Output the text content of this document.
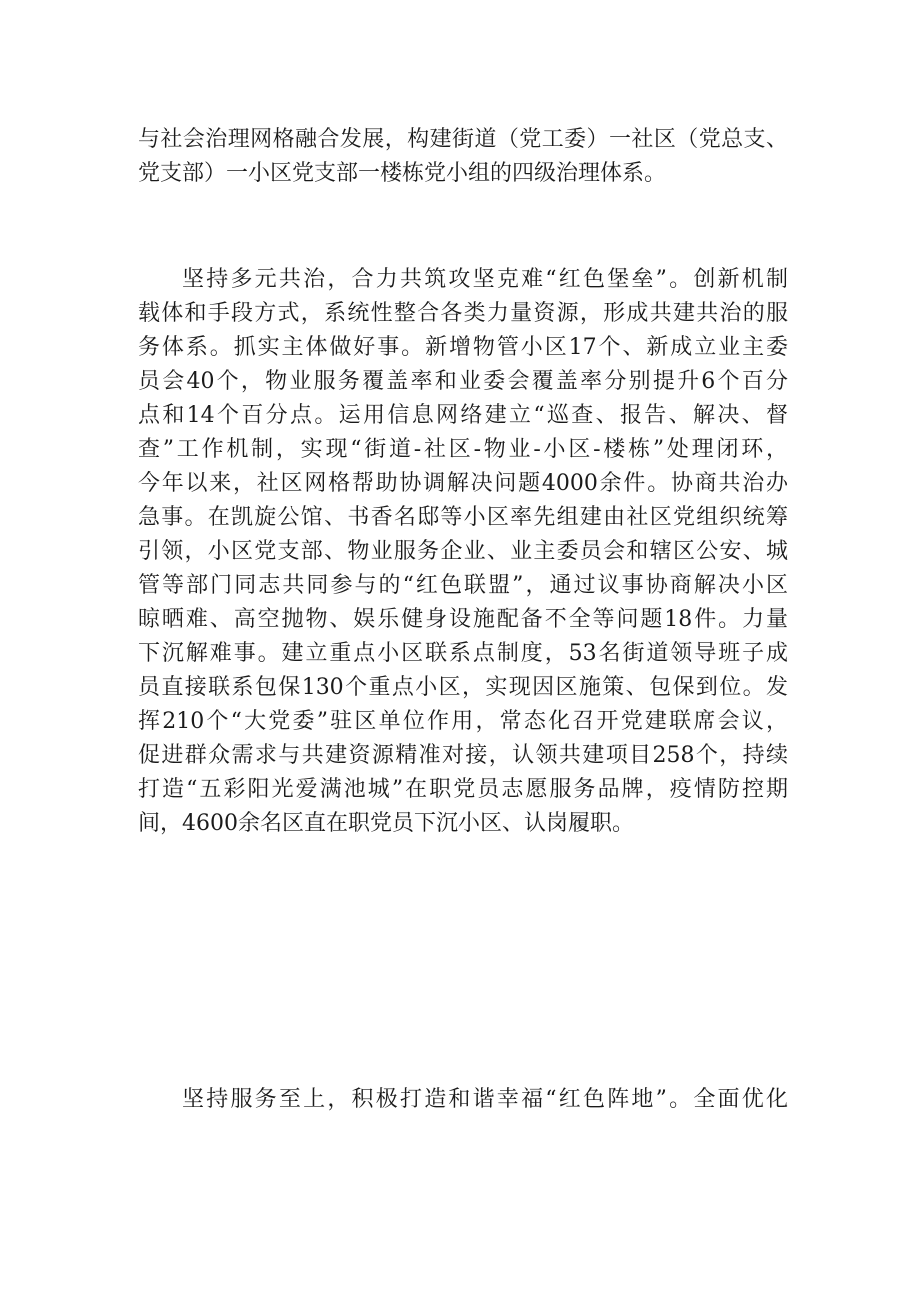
与社会治理网格融合发展，构建街道（党工委）一社区（党总支、
党支部）一小区党支部一楼栋党小组的四级治理体系。
坚持多元共治，合力共筑攻坚克难“红色堡垒”。创新机制
载体和手段方式，系统性整合各类力量资源，形成共建共治的服
务体系。抓实主体做好事。新增物管小区17个、新成立业主委
员会40个，物业服务覆盖率和业委会覆盖率分别提升6个百分
点和14个百分点。运用信息网络建立“巡查、报告、解决、督
查”工作机制，实现“街道-社区-物业-小区-楼栋”处理闭环，
今年以来，社区网格帮助协调解决问题4000余件。协商共治办
急事。在凯旋公馆、书香名邸等小区率先组建由社区党组织统筹
引领，小区党支部、物业服务企业、业主委员会和辖区公安、城
管等部门同志共同参与的“红色联盟”，通过议事协商解决小区
晾晒难、高空抛物、娱乐健身设施配备不全等问题18件。力量
下沉解难事。建立重点小区联系点制度，53名街道领导班子成
员直接联系包保130个重点小区，实现因区施策、包保到位。发
挥210个“大党委”驻区单位作用，常态化召开党建联席会议，
促进群众需求与共建资源精准对接，认领共建项目258个，持续
打造“五彩阳光爱满池城”在职党员志愿服务品牌，疫情防控期
间，4600余名区直在职党员下沉小区、认岗履职。
坚持服务至上，积极打造和谐幸福“红色阵地”。全面优化
